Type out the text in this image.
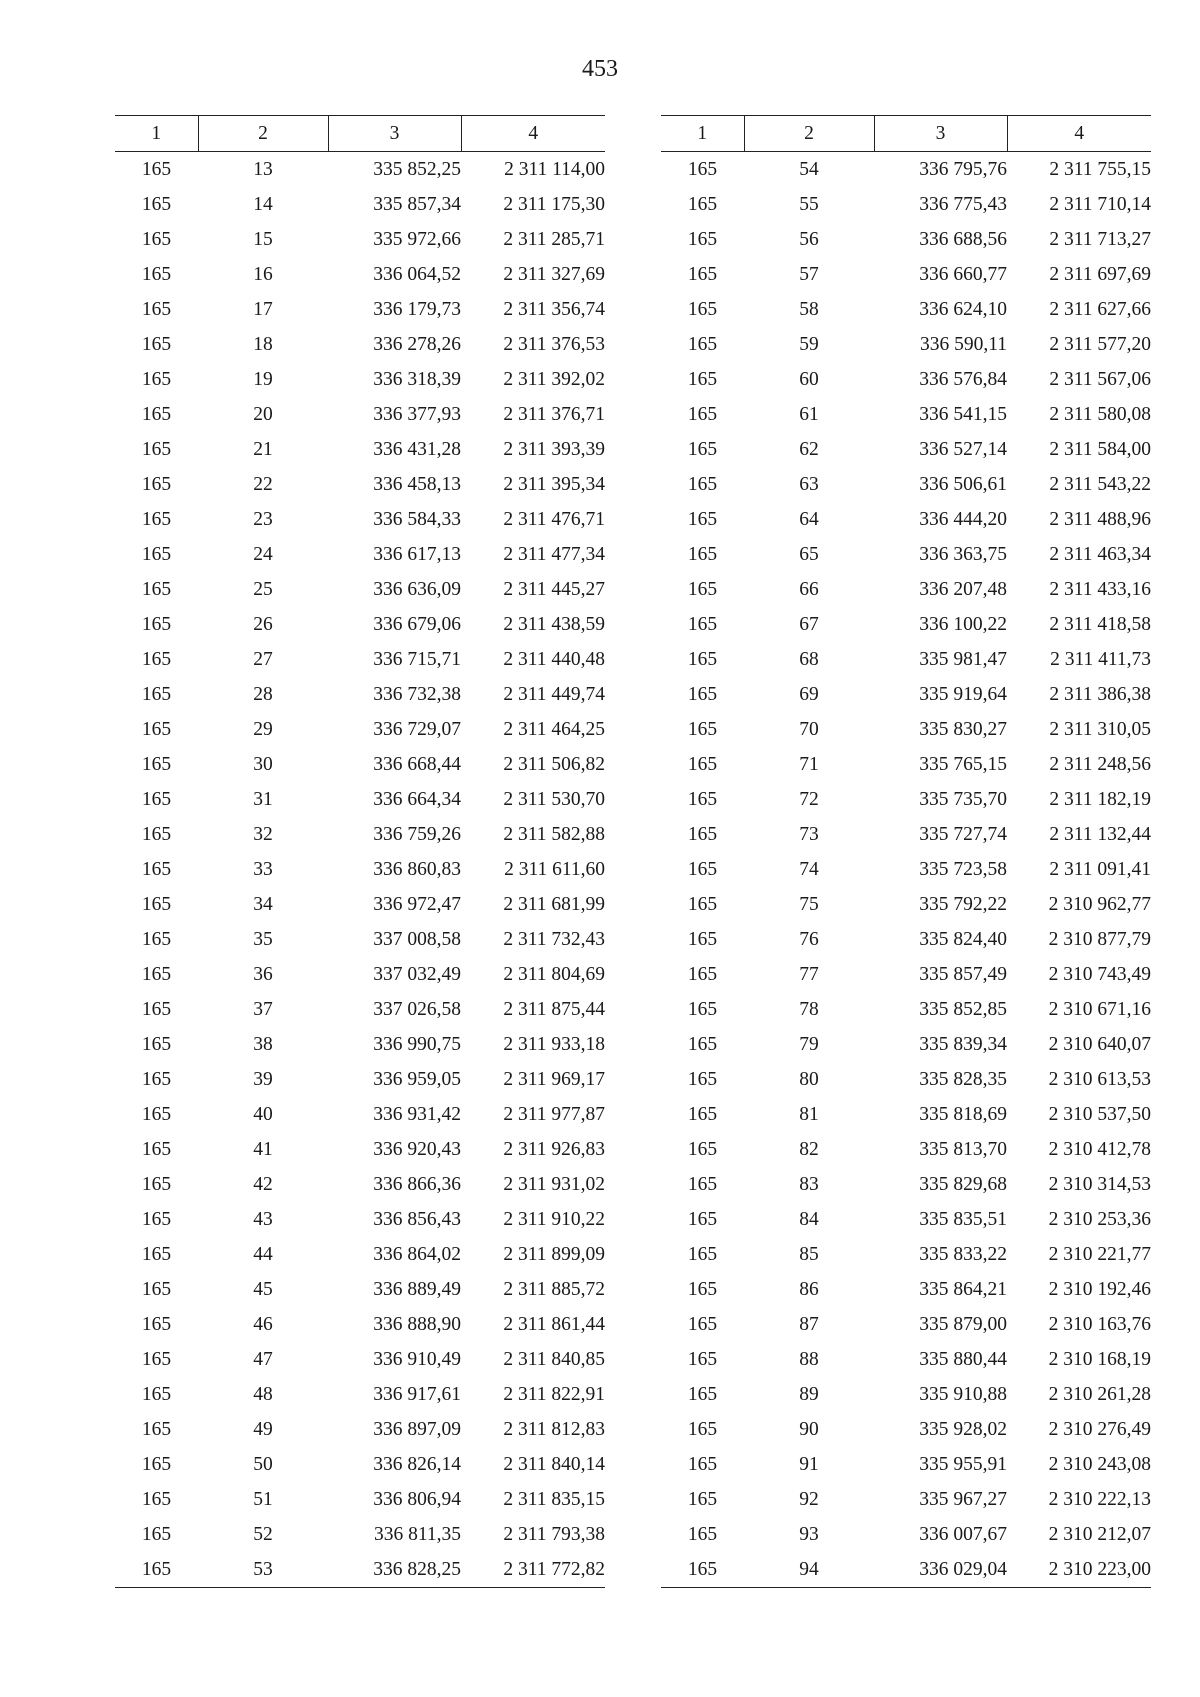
453
1	2	3	4
165	13	335 852,25	2 311 114,00
165	14	335 857,34	2 311 175,30
165	15	335 972,66	2 311 285,71
165	16	336 064,52	2 311 327,69
165	17	336 179,73	2 311 356,74
165	18	336 278,26	2 311 376,53
165	19	336 318,39	2 311 392,02
165	20	336 377,93	2 311 376,71
165	21	336 431,28	2 311 393,39
165	22	336 458,13	2 311 395,34
165	23	336 584,33	2 311 476,71
165	24	336 617,13	2 311 477,34
165	25	336 636,09	2 311 445,27
165	26	336 679,06	2 311 438,59
165	27	336 715,71	2 311 440,48
165	28	336 732,38	2 311 449,74
165	29	336 729,07	2 311 464,25
165	30	336 668,44	2 311 506,82
165	31	336 664,34	2 311 530,70
165	32	336 759,26	2 311 582,88
165	33	336 860,83	2 311 611,60
165	34	336 972,47	2 311 681,99
165	35	337 008,58	2 311 732,43
165	36	337 032,49	2 311 804,69
165	37	337 026,58	2 311 875,44
165	38	336 990,75	2 311 933,18
165	39	336 959,05	2 311 969,17
165	40	336 931,42	2 311 977,87
165	41	336 920,43	2 311 926,83
165	42	336 866,36	2 311 931,02
165	43	336 856,43	2 311 910,22
165	44	336 864,02	2 311 899,09
165	45	336 889,49	2 311 885,72
165	46	336 888,90	2 311 861,44
165	47	336 910,49	2 311 840,85
165	48	336 917,61	2 311 822,91
165	49	336 897,09	2 311 812,83
165	50	336 826,14	2 311 840,14
165	51	336 806,94	2 311 835,15
165	52	336 811,35	2 311 793,38
165	53	336 828,25	2 311 772,82
1	2	3	4
165	54	336 795,76	2 311 755,15
165	55	336 775,43	2 311 710,14
165	56	336 688,56	2 311 713,27
165	57	336 660,77	2 311 697,69
165	58	336 624,10	2 311 627,66
165	59	336 590,11	2 311 577,20
165	60	336 576,84	2 311 567,06
165	61	336 541,15	2 311 580,08
165	62	336 527,14	2 311 584,00
165	63	336 506,61	2 311 543,22
165	64	336 444,20	2 311 488,96
165	65	336 363,75	2 311 463,34
165	66	336 207,48	2 311 433,16
165	67	336 100,22	2 311 418,58
165	68	335 981,47	2 311 411,73
165	69	335 919,64	2 311 386,38
165	70	335 830,27	2 311 310,05
165	71	335 765,15	2 311 248,56
165	72	335 735,70	2 311 182,19
165	73	335 727,74	2 311 132,44
165	74	335 723,58	2 311 091,41
165	75	335 792,22	2 310 962,77
165	76	335 824,40	2 310 877,79
165	77	335 857,49	2 310 743,49
165	78	335 852,85	2 310 671,16
165	79	335 839,34	2 310 640,07
165	80	335 828,35	2 310 613,53
165	81	335 818,69	2 310 537,50
165	82	335 813,70	2 310 412,78
165	83	335 829,68	2 310 314,53
165	84	335 835,51	2 310 253,36
165	85	335 833,22	2 310 221,77
165	86	335 864,21	2 310 192,46
165	87	335 879,00	2 310 163,76
165	88	335 880,44	2 310 168,19
165	89	335 910,88	2 310 261,28
165	90	335 928,02	2 310 276,49
165	91	335 955,91	2 310 243,08
165	92	335 967,27	2 310 222,13
165	93	336 007,67	2 310 212,07
165	94	336 029,04	2 310 223,00
